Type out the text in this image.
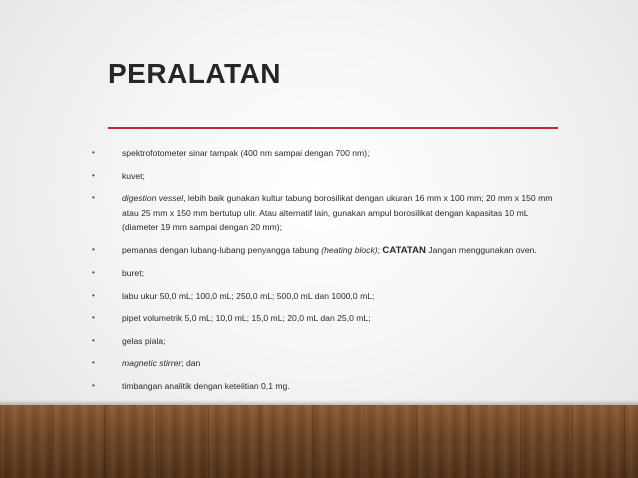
PERALATAN
•	spektrofotometer sinar tampak (400 nm sampai dengan 700 nm);
•	kuvet;
•	digestion vessel, lebih baik gunakan kultur tabung borosilikat dengan ukuran 16 mm x 100 mm; 20 mm x 150 mm atau 25 mm x 150 mm bertutup ulir. Atau alternatif lain, gunakan ampul borosilikat dengan kapasitas 10 mL (diameter 19 mm sampai dengan 20 mm);
•	pemanas dengan lubang-lubang penyangga tabung (heating block); CATATAN Jangan menggunakan oven.
•	buret;
•	labu ukur 50,0 mL; 100,0 mL; 250,0 mL; 500,0 mL dan 1000,0 mL;
•	pipet volumetrik 5,0 mL; 10,0 mL; 15,0 mL; 20,0 mL dan 25,0 mL;
•	gelas piala;
•	magnetic stirrer; dan
•	timbangan analitik dengan ketelitian 0,1 mg.
